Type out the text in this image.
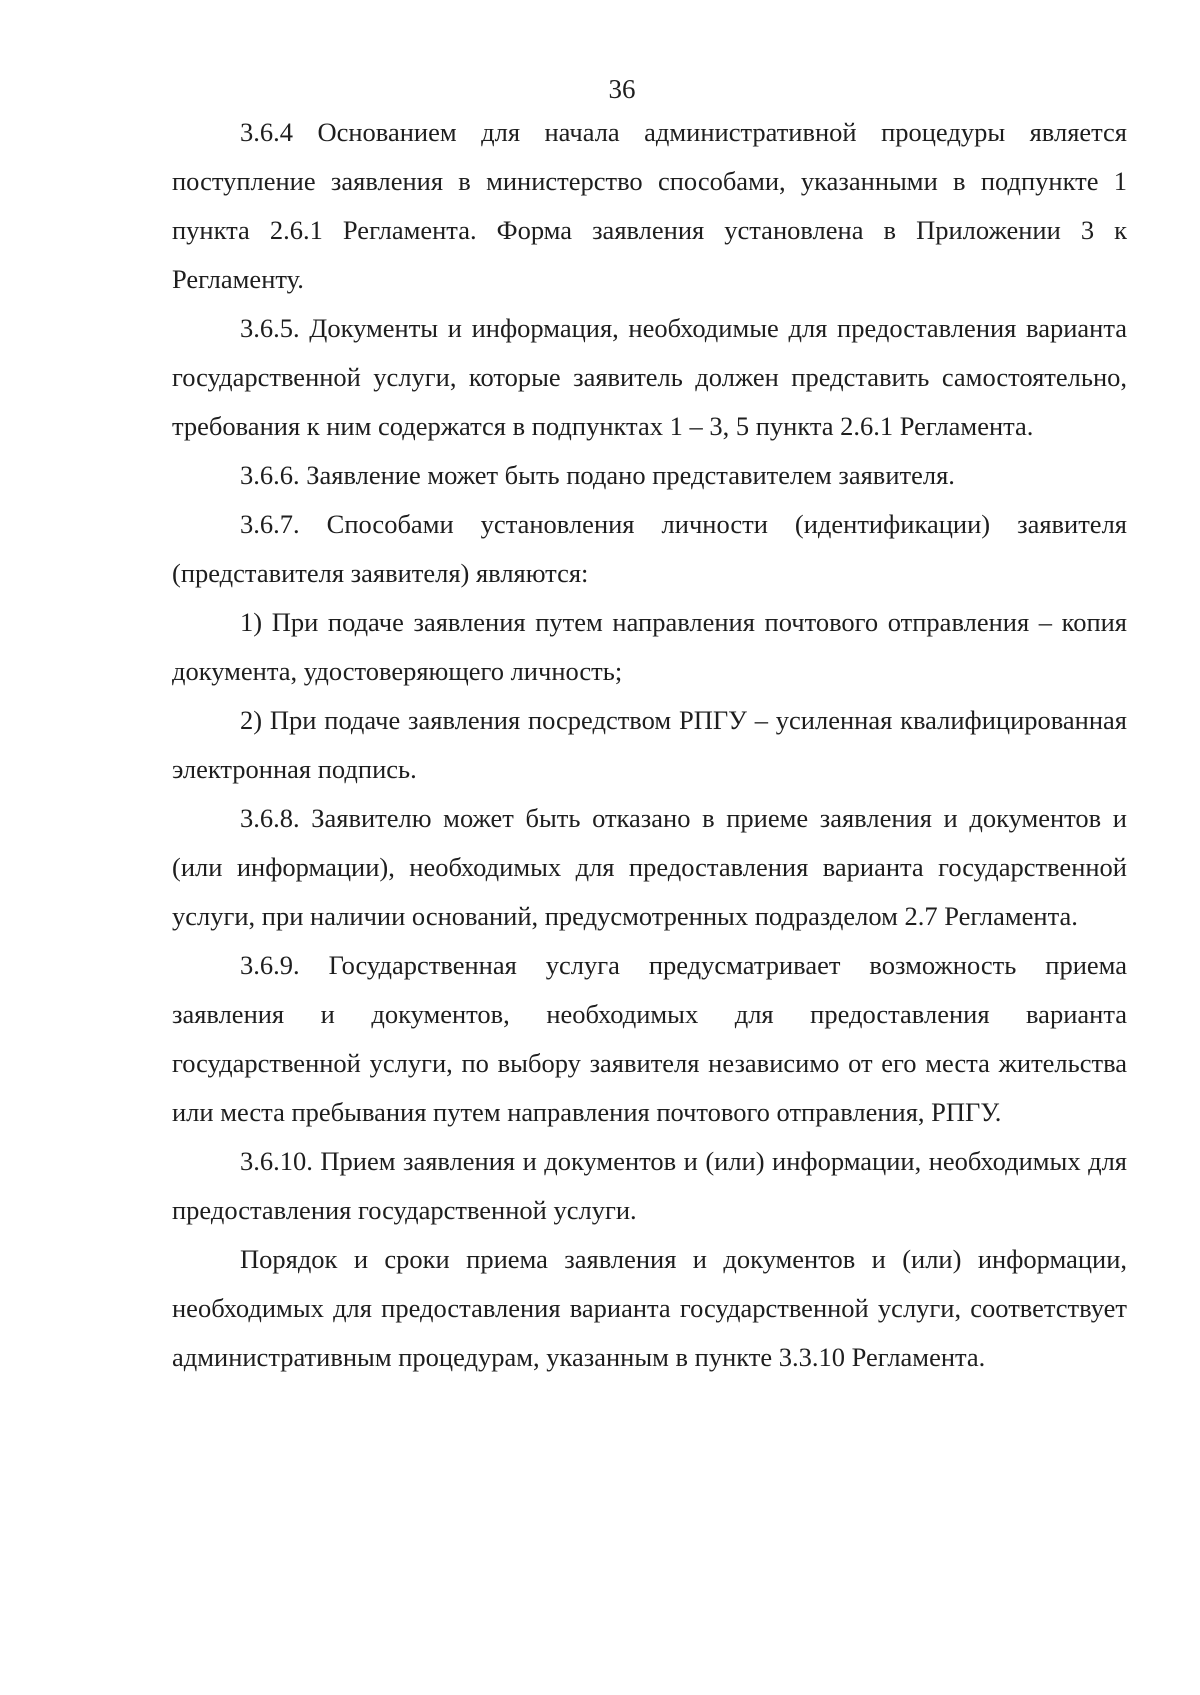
36

3.6.4 Основанием для начала административной процедуры является поступление заявления в министерство способами, указанными в подпункте 1 пункта 2.6.1 Регламента. Форма заявления установлена в Приложении 3 к Регламенту.

3.6.5. Документы и информация, необходимые для предоставления варианта государственной услуги, которые заявитель должен представить самостоятельно, требования к ним содержатся в подпунктах 1 – 3, 5 пункта 2.6.1 Регламента.

3.6.6. Заявление может быть подано представителем заявителя.

3.6.7. Способами установления личности (идентификации) заявителя (представителя заявителя) являются:

1) При подаче заявления путем направления почтового отправления – копия документа, удостоверяющего личность;

2) При подаче заявления посредством РПГУ – усиленная квалифицированная электронная подпись.

3.6.8. Заявителю может быть отказано в приеме заявления и документов и (или информации), необходимых для предоставления варианта государственной услуги, при наличии оснований, предусмотренных подразделом 2.7 Регламента.

3.6.9. Государственная услуга предусматривает возможность приема заявления и документов, необходимых для предоставления варианта государственной услуги, по выбору заявителя независимо от его места жительства или места пребывания путем направления почтового отправления, РПГУ.

3.6.10. Прием заявления и документов и (или) информации, необходимых для предоставления государственной услуги.

Порядок и сроки приема заявления и документов и (или) информации, необходимых для предоставления варианта государственной услуги, соответствует административным процедурам, указанным в пункте 3.3.10 Регламента.
